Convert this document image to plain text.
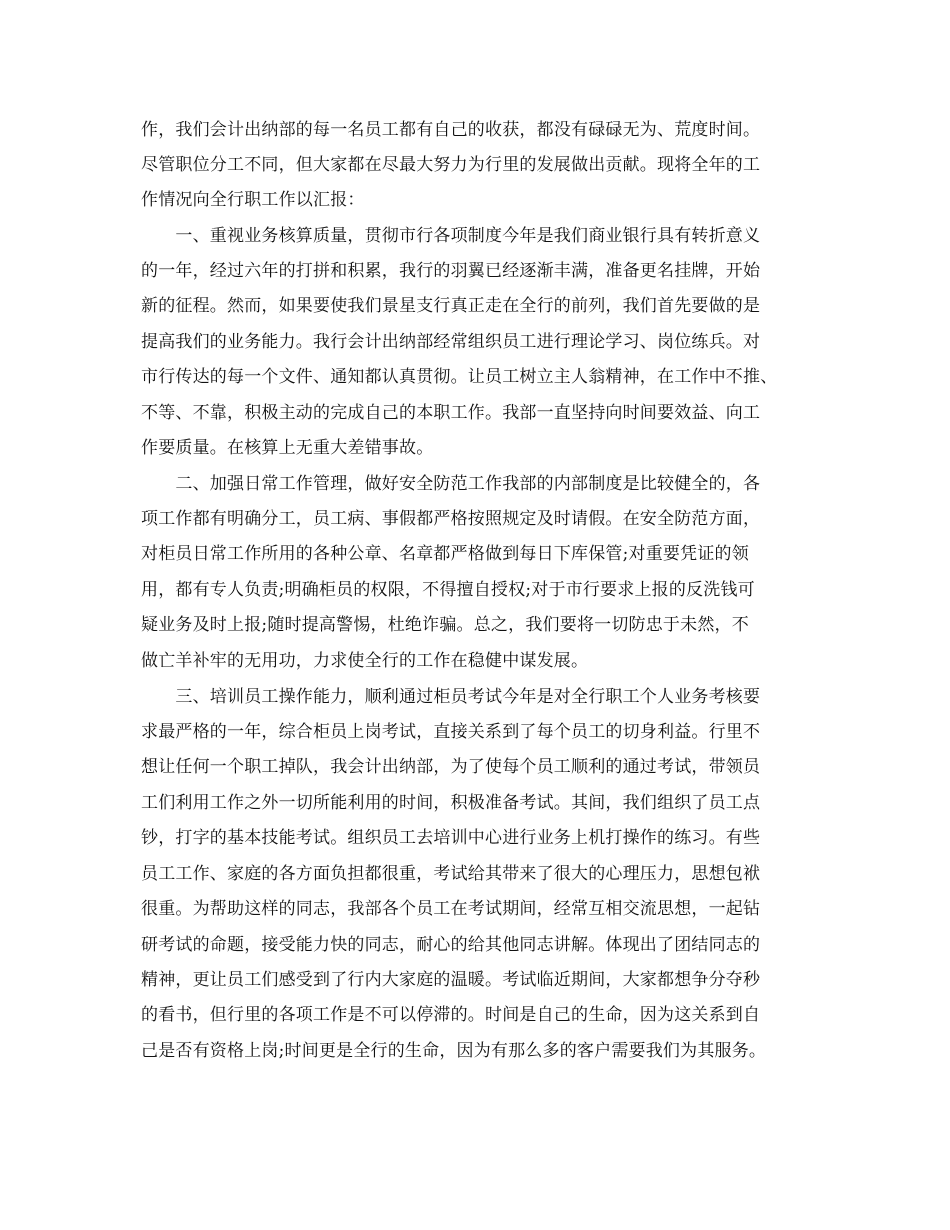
作，我们会计出纳部的每一名员工都有自己的收获，都没有碌碌无为、荒度时间。
尽管职位分工不同，但大家都在尽最大努力为行里的发展做出贡献。现将全年的工
作情况向全行职工作以汇报：
　　一、重视业务核算质量，贯彻市行各项制度今年是我们商业银行具有转折意义
的一年，经过六年的打拼和积累，我行的羽翼已经逐渐丰满，准备更名挂牌，开始
新的征程。然而，如果要使我们景星支行真正走在全行的前列，我们首先要做的是
提高我们的业务能力。我行会计出纳部经常组织员工进行理论学习、岗位练兵。对
市行传达的每一个文件、通知都认真贯彻。让员工树立主人翁精神，在工作中不推、
不等、不靠，积极主动的完成自己的本职工作。我部一直坚持向时间要效益、向工
作要质量。在核算上无重大差错事故。
　　二、加强日常工作管理，做好安全防范工作我部的内部制度是比较健全的，各
项工作都有明确分工，员工病、事假都严格按照规定及时请假。在安全防范方面，
对柜员日常工作所用的各种公章、名章都严格做到每日下库保管;对重要凭证的领
用，都有专人负责;明确柜员的权限，不得擅自授权;对于市行要求上报的反洗钱可
疑业务及时上报;随时提高警惕，杜绝诈骗。总之，我们要将一切防忠于未然，不
做亡羊补牢的无用功，力求使全行的工作在稳健中谋发展。
　　三、培训员工操作能力，顺利通过柜员考试今年是对全行职工个人业务考核要
求最严格的一年，综合柜员上岗考试，直接关系到了每个员工的切身利益。行里不
想让任何一个职工掉队，我会计出纳部，为了使每个员工顺利的通过考试，带领员
工们利用工作之外一切所能利用的时间，积极准备考试。其间，我们组织了员工点
钞，打字的基本技能考试。组织员工去培训中心进行业务上机打操作的练习。有些
员工工作、家庭的各方面负担都很重，考试给其带来了很大的心理压力，思想包袱
很重。为帮助这样的同志，我部各个员工在考试期间，经常互相交流思想，一起钻
研考试的命题，接受能力快的同志，耐心的给其他同志讲解。体现出了团结同志的
精神，更让员工们感受到了行内大家庭的温暖。考试临近期间，大家都想争分夺秒
的看书，但行里的各项工作是不可以停滞的。时间是自己的生命，因为这关系到自
己是否有资格上岗;时间更是全行的生命，因为有那么多的客户需要我们为其服务。
